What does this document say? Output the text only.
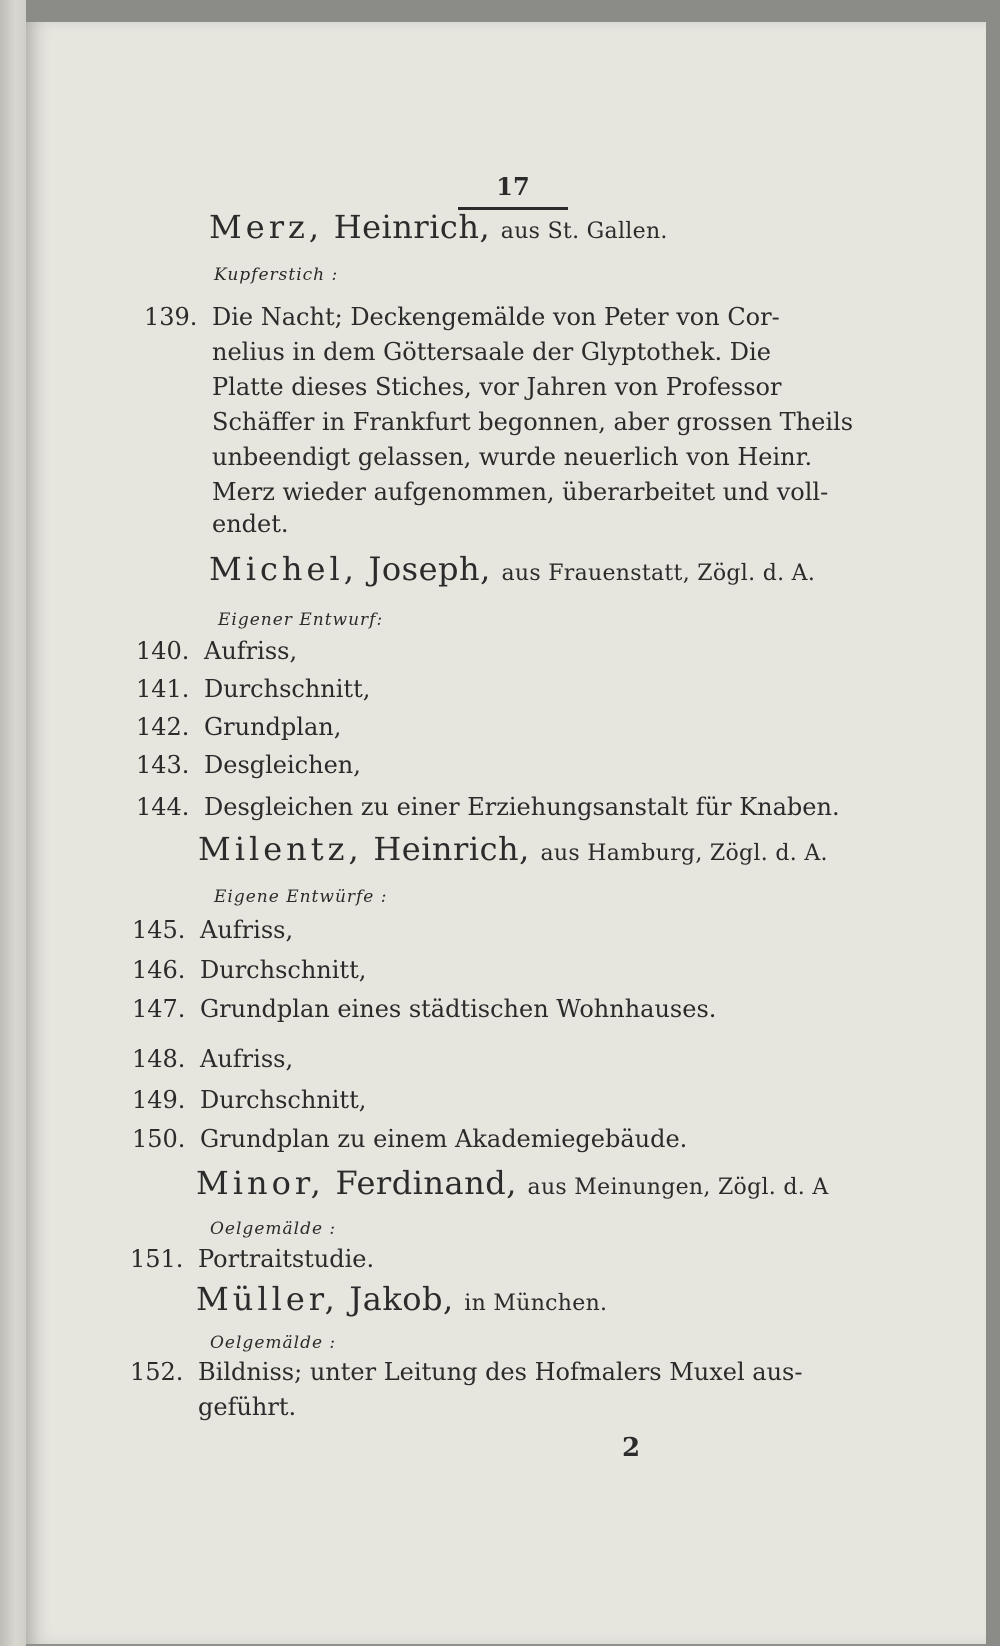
17
Merz, Heinrich, aus St. Gallen.
Kupferstich :
139. Die Nacht; Deckengemälde von Peter von Cor-
nelius in dem Göttersaale der Glyptothek. Die
Platte dieses Stiches, vor Jahren von Professor
Schäffer in Frankfurt begonnen, aber grossen Theils
unbeendigt gelassen, wurde neuerlich von Heinr.
Merz wieder aufgenommen, überarbeitet und voll-
endet.
Michel, Joseph, aus Frauenstatt, Zögl. d. A.
Eigener Entwurf:
140. Aufriss,
141. Durchschnitt,
142. Grundplan,
143. Desgleichen,
144. Desgleichen zu einer Erziehungsanstalt für Knaben.
Milentz, Heinrich, aus Hamburg, Zögl. d. A.
Eigene Entwürfe :
145. Aufriss,
146. Durchschnitt,
147. Grundplan eines städtischen Wohnhauses.
148. Aufriss,
149. Durchschnitt,
150. Grundplan zu einem Akademiegebäude.
Minor, Ferdinand, aus Meinungen, Zögl. d. A
Oelgemälde :
151. Portraitstudie.
Müller, Jakob, in München.
Oelgemälde :
152. Bildniss; unter Leitung des Hofmalers Muxel aus-
geführt.
2
